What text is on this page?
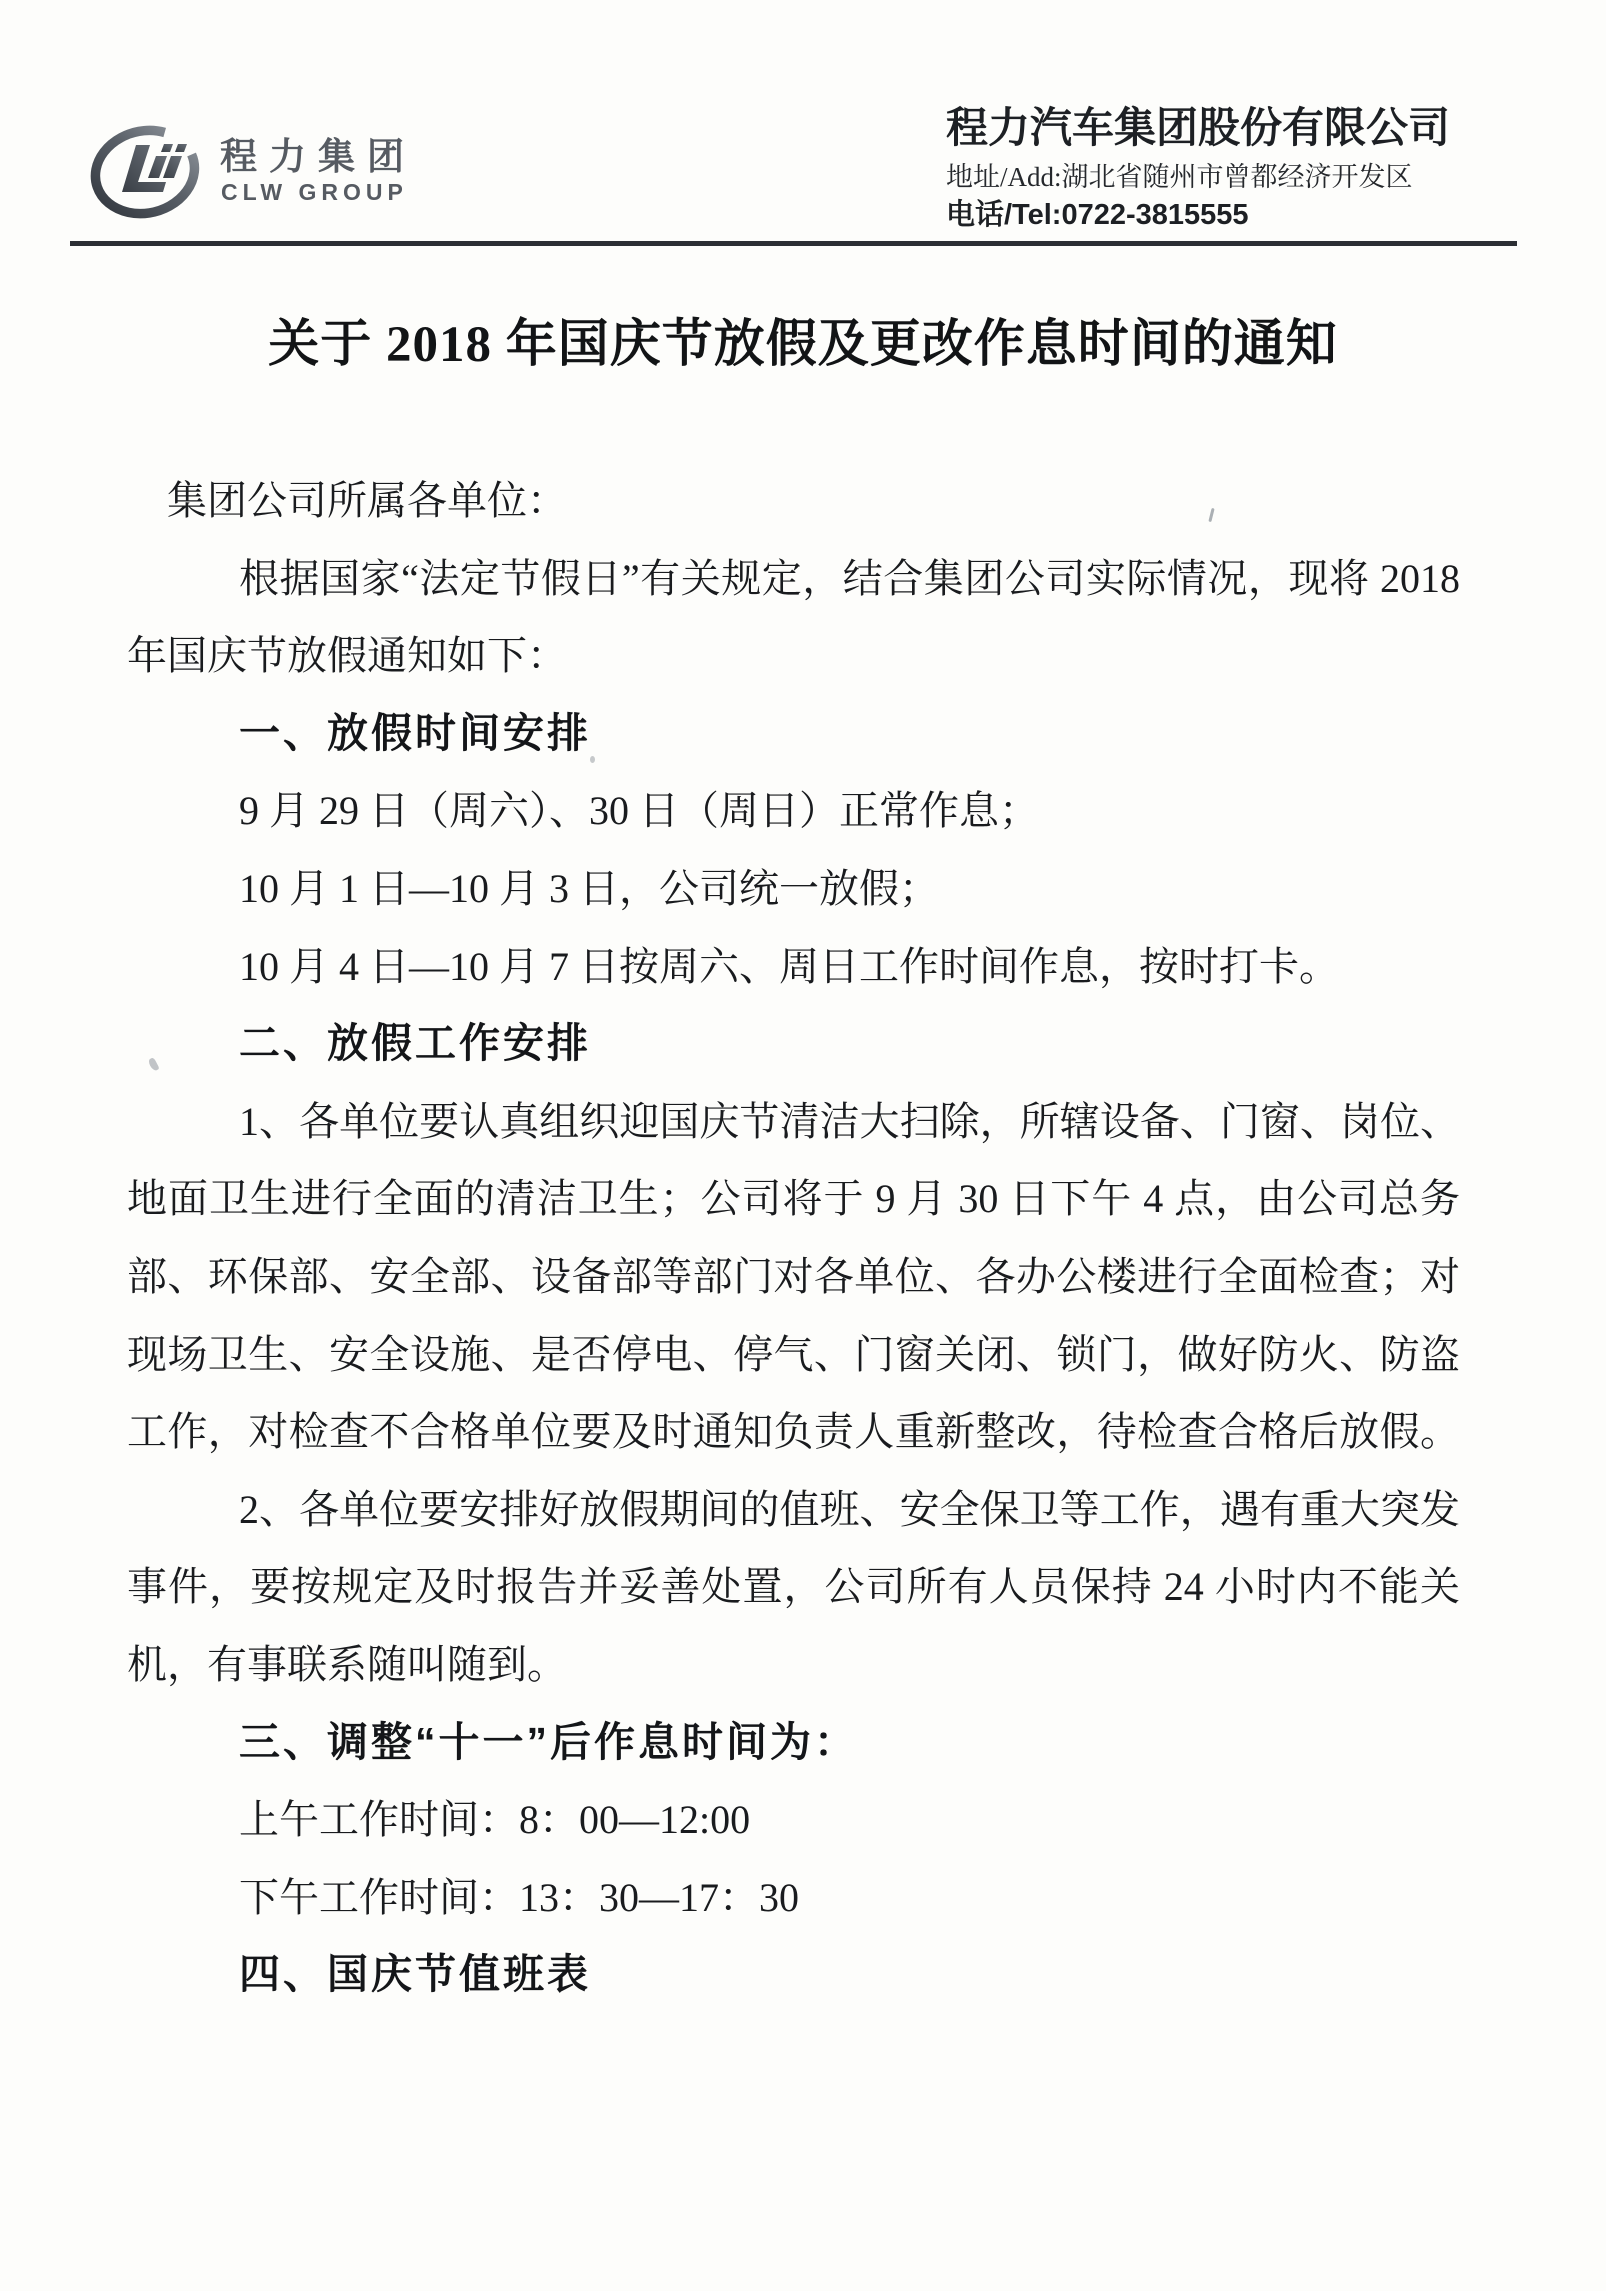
程力集团
CLW GROUP
程力汽车集团股份有限公司
地址/Add:湖北省随州市曾都经济开发区
电话/Tel:0722-3815555
关于 2018 年国庆节放假及更改作息时间的通知
集团公司所属各单位：
根据国家“法定节假日”有关规定，结合集团公司实际情况，现将 2018
年国庆节放假通知如下：
一、放假时间安排
9 月 29 日（周六）、30 日（周日）正常作息；
10 月 1 日—10 月 3 日，公司统一放假；
10 月 4 日—10 月 7 日按周六、周日工作时间作息，按时打卡。
二、放假工作安排
1、各单位要认真组织迎国庆节清洁大扫除，所辖设备、门窗、岗位、
地面卫生进行全面的清洁卫生；公司将于 9 月 30 日下午 4 点，由公司总务
部、环保部、安全部、设备部等部门对各单位、各办公楼进行全面检查；对
现场卫生、安全设施、是否停电、停气、门窗关闭、锁门，做好防火、防盗
工作，对检查不合格单位要及时通知负责人重新整改，待检查合格后放假。
2、各单位要安排好放假期间的值班、安全保卫等工作，遇有重大突发
事件，要按规定及时报告并妥善处置，公司所有人员保持 24 小时内不能关
机，有事联系随叫随到。
三、调整“十一”后作息时间为：
上午工作时间：8：00—12:00
下午工作时间：13：30—17：30
四、国庆节值班表
